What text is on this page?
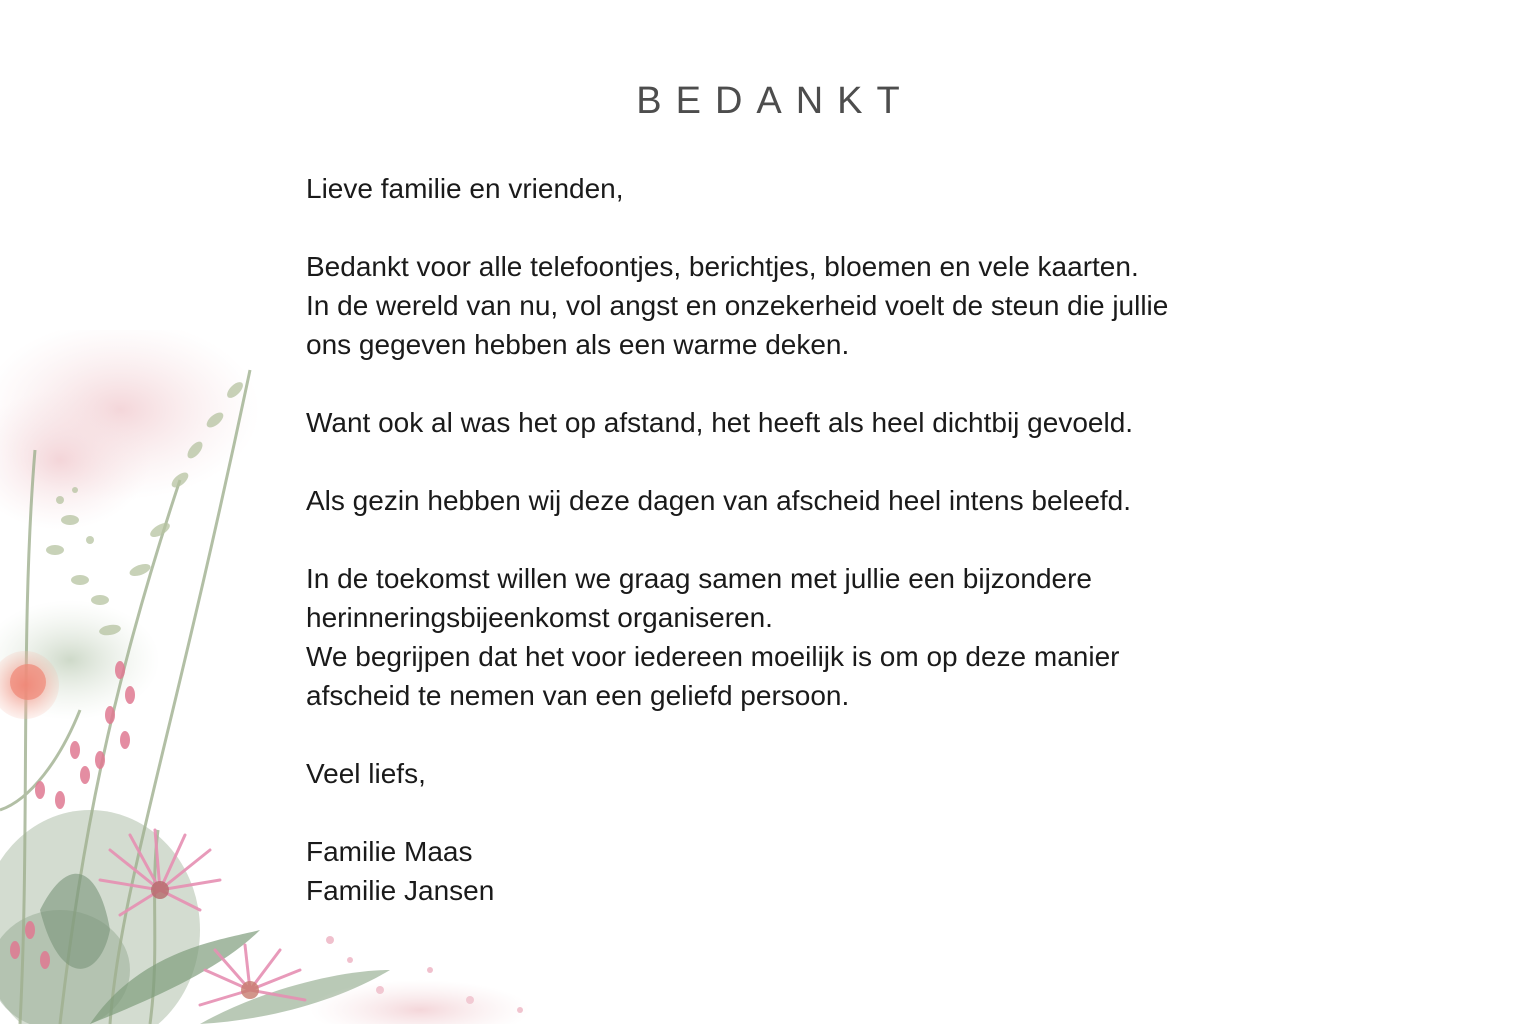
BEDANKT

Lieve familie en vrienden,

Bedankt voor alle telefoontjes, berichtjes, bloemen en vele kaarten.
In de wereld van nu, vol angst en onzekerheid voelt de steun die jullie
ons gegeven hebben als een warme deken.

Want ook al was het op afstand, het heeft als heel dichtbij gevoeld.

Als gezin hebben wij deze dagen van afscheid heel intens beleefd.

In de toekomst willen we graag samen met jullie een bijzondere
herinneringsbijeenkomst organiseren.
We begrijpen dat het voor iedereen moeilijk is om op deze manier
afscheid te nemen van een geliefd persoon.

Veel liefs,

Familie Maas
Familie Jansen
